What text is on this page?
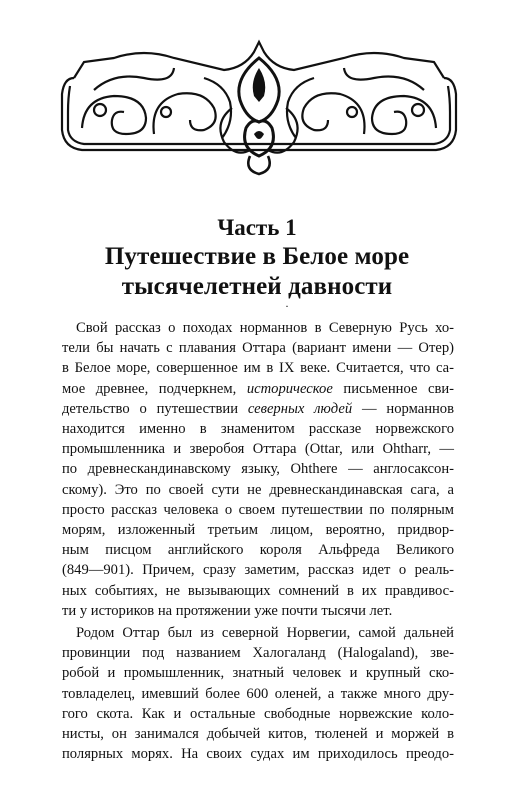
Часть 1

Путешествие в Белое море

тысячелетней давности

·

Свой рассказ о походах норманнов в Северную Русь хо-
тели бы начать с плавания Оттара (вариант имени — Отер)
в Белое море, совершенное им в IX веке. Считается, что са-
мое древнее, подчеркнем, историческое письменное сви-
детельство о путешествии северных людей — норманнов
находится именно в знаменитом рассказе норвежского
промышленника и зверобоя Оттара (Ottar, или Ohtharr, —
по древнескандинавскому языку, Ohthere — англосаксон-
скому). Это по своей сути не древнескандинавская сага, а
просто рассказ человека о своем путешествии по полярным
морям, изложенный третьим лицом, вероятно, придвор-
ным писцом английского короля Альфреда Великого
(849—901). Причем, сразу заметим, рассказ идет о реаль-
ных событиях, не вызывающих сомнений в их правдивос-
ти у историков на протяжении уже почти тысячи лет.

Родом Оттар был из северной Норвегии, самой дальней
провинции под названием Халогаланд (Halogaland), зве-
робой и промышленник, знатный человек и крупный ско-
товладелец, имевший более 600 оленей, а также много дру-
гого скота. Как и остальные свободные норвежские коло-
нисты, он занимался добычей китов, тюленей и моржей в
полярных морях. На своих судах им приходилось преодо-
